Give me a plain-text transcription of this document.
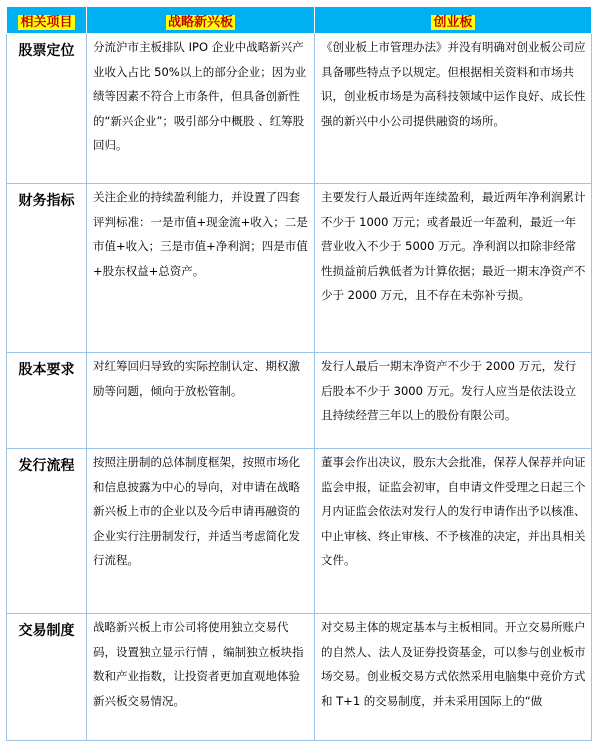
相关项目	战略新兴板	创业板
股票定位	分流沪市主板排队 IPO 企业中战略新兴产业收入占比 50%以上的部分企业；因为业绩等因素不符合上市条件，但具备创新性的“新兴企业”；吸引部分中概股 、红筹股回归。	《创业板上市管理办法》并没有明确对创业板公司应具备哪些特点予以规定。但根据相关资料和市场共识，创业板市场是为高科技领域中运作良好、成长性强的新兴中小公司提供融资的场所。
财务指标	关注企业的持续盈利能力，并设置了四套评判标准：一是市值+现金流+收入；二是市值+收入；三是市值+净利润；四是市值+股东权益+总资产。	主要发行人最近两年连续盈利，最近两年净利润累计不少于 1000 万元；或者最近一年盈利，最近一年营业收入不少于 5000 万元。净利润以扣除非经常性损益前后孰低者为计算依据；最近一期末净资产不少于 2000 万元，且不存在未弥补亏损。
股本要求	对红筹回归导致的实际控制认定、期权激励等问题，倾向于放松管制。	发行人最后一期末净资产不少于 2000 万元，发行后股本不少于 3000 万元。发行人应当是依法设立且持续经营三年以上的股份有限公司。
发行流程	按照注册制的总体制度框架，按照市场化和信息披露为中心的导向，对申请在战略新兴板上市的企业以及今后申请再融资的企业实行注册制发行，并适当考虑简化发行流程。	董事会作出决议，股东大会批准，保荐人保荐并向证监会申报，证监会初审，自申请文件受理之日起三个月内证监会依法对发行人的发行申请作出予以核准、中止审核、终止审核、不予核准的决定，并出具相关文件。
交易制度	战略新兴板上市公司将使用独立交易代码，设置独立显示行情 ，编制独立板块指数和产业指数，让投资者更加直观地体验新兴板交易情况。	对交易主体的规定基本与主板相同。开立交易所账户的自然人、法人及证券投资基金，可以参与创业板市场交易。创业板交易方式依然采用电脑集中竞价方式和 T+1 的交易制度，并未采用国际上的“做
